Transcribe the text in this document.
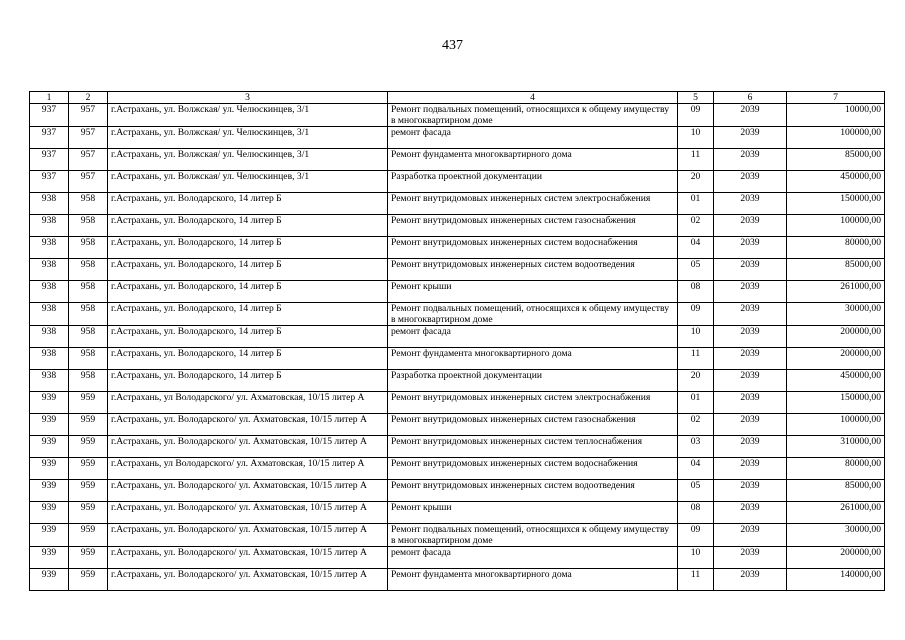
437
1	2	3	4	5	6	7
937	957	г.Астрахань, ул. Волжская/ ул. Челюскинцев, 3/1	Ремонт подвальных помещений, относящихся к общему имуществу в многоквартирном доме	09	2039	10000,00
937	957	г.Астрахань, ул. Волжская/ ул. Челюскинцев, 3/1	ремонт фасада	10	2039	100000,00
937	957	г.Астрахань, ул. Волжская/ ул. Челюскинцев, 3/1	Ремонт фундамента многоквартирного дома	11	2039	85000,00
937	957	г.Астрахань, ул. Волжская/ ул. Челюскинцев, 3/1	Разработка проектной документации	20	2039	450000,00
938	958	г.Астрахань, ул. Володарского, 14 литер Б	Ремонт внутридомовых инженерных систем электроснабжения	01	2039	150000,00
938	958	г.Астрахань, ул. Володарского, 14 литер Б	Ремонт внутридомовых инженерных систем газоснабжения	02	2039	100000,00
938	958	г.Астрахань, ул. Володарского, 14 литер Б	Ремонт внутридомовых инженерных систем водоснабжения	04	2039	80000,00
938	958	г.Астрахань, ул. Володарского, 14 литер Б	Ремонт внутридомовых инженерных систем водоотведения	05	2039	85000,00
938	958	г.Астрахань, ул. Володарского, 14 литер Б	Ремонт крыши	08	2039	261000,00
938	958	г.Астрахань, ул. Володарского, 14 литер Б	Ремонт подвальных помещений, относящихся к общему имуществу в многоквартирном доме	09	2039	30000,00
938	958	г.Астрахань, ул. Володарского, 14 литер Б	ремонт фасада	10	2039	200000,00
938	958	г.Астрахань, ул. Володарского, 14 литер Б	Ремонт фундамента многоквартирного дома	11	2039	200000,00
938	958	г.Астрахань, ул. Володарского, 14 литер Б	Разработка проектной документации	20	2039	450000,00
939	959	г.Астрахань, ул Володарского/ ул. Ахматовская, 10/15 литер А	Ремонт внутридомовых инженерных систем электроснабжения	01	2039	150000,00
939	959	г.Астрахань, ул. Володарского/ ул. Ахматовская, 10/15 литер А	Ремонт внутридомовых инженерных систем газоснабжения	02	2039	100000,00
939	959	г.Астрахань, ул. Володарского/ ул. Ахматовская, 10/15 литер А	Ремонт внутридомовых инженерных систем теплоснабжения	03	2039	310000,00
939	959	г.Астрахань, ул Володарского/ ул. Ахматовская, 10/15 литер А	Ремонт внутридомовых инженерных систем водоснабжения	04	2039	80000,00
939	959	г.Астрахань, ул. Володарского/ ул. Ахматовская, 10/15 литер А	Ремонт внутридомовых инженерных систем водоотведения	05	2039	85000,00
939	959	г.Астрахань, ул. Володарского/ ул. Ахматовская, 10/15 литер А	Ремонт крыши	08	2039	261000,00
939	959	г.Астрахань, ул. Володарского/ ул. Ахматовская, 10/15 литер А	Ремонт подвальных помещений, относящихся к общему имуществу в многоквартирном доме	09	2039	30000,00
939	959	г.Астрахань, ул. Володарского/ ул. Ахматовская, 10/15 литер А	ремонт фасада	10	2039	200000,00
939	959	г.Астрахань, ул. Володарского/ ул. Ахматовская, 10/15 литер А	Ремонт фундамента многоквартирного дома	11	2039	140000,00
